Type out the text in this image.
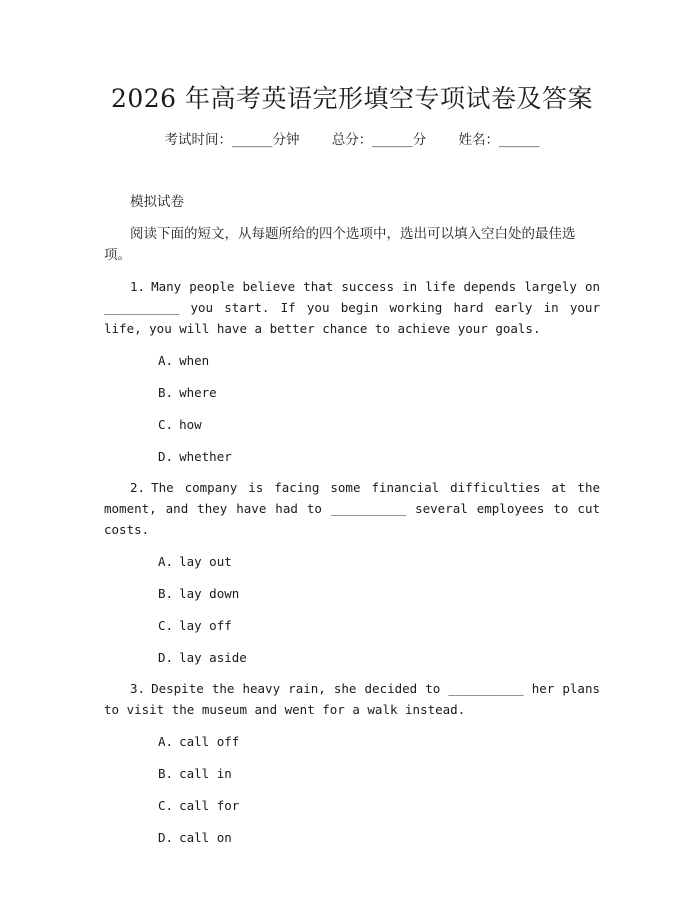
2026 年高考英语完形填空专项试卷及答案
考试时间：______分钟 总分：______分 姓名：______
模拟试卷
阅读下面的短文，从每题所给的四个选项中，选出可以填入空白处的最佳选项。

1. Many people believe that success in life depends largely on __________ you start. If you begin working hard early in your life, you will have a better chance to achieve your goals.

A. when
B. where
C. how
D. whether

2. The company is facing some financial difficulties at the moment, and they have had to __________ several employees to cut costs.

A. lay out
B. lay down
C. lay off
D. lay aside

3. Despite the heavy rain, she decided to __________ her plans to visit the museum and went for a walk instead.

A. call off
B. call in
C. call for
D. call on
